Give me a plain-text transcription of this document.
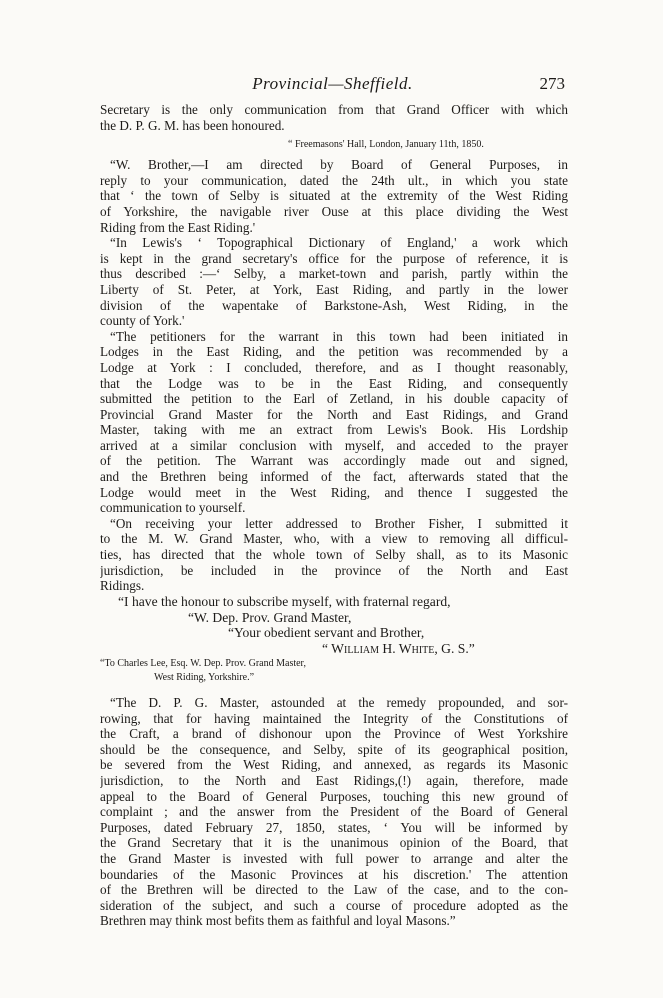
Provincial—Sheffield.	273
Secretary is the only communication from that Grand Officer with which
the D. P. G. M. has been honoured.
“ Freemasons' Hall, London, January 11th, 1850.
“W. Brother,—I am directed by Board of General Purposes, in
reply to your communication, dated the 24th ult., in which you state
that ‘ the town of Selby is situated at the extremity of the West Riding
of Yorkshire, the navigable river Ouse at this place dividing the West
Riding from the East Riding.'
“In Lewis's ‘ Topographical Dictionary of England,' a work which
is kept in the grand secretary's office for the purpose of reference, it is
thus described :—‘ Selby, a market-town and parish, partly within the
Liberty of St. Peter, at York, East Riding, and partly in the lower
division of the wapentake of Barkstone-Ash, West Riding, in the
county of York.'
“The petitioners for the warrant in this town had been initiated in
Lodges in the East Riding, and the petition was recommended by a
Lodge at York : I concluded, therefore, and as I thought reasonably,
that the Lodge was to be in the East Riding, and consequently
submitted the petition to the Earl of Zetland, in his double capacity of
Provincial Grand Master for the North and East Ridings, and Grand
Master, taking with me an extract from Lewis's Book. His Lordship
arrived at a similar conclusion with myself, and acceded to the prayer
of the petition. The Warrant was accordingly made out and signed,
and the Brethren being informed of the fact, afterwards stated that the
Lodge would meet in the West Riding, and thence I suggested the
communication to yourself.
“On receiving your letter addressed to Brother Fisher, I submitted it
to the M. W. Grand Master, who, with a view to removing all difficul-
ties, has directed that the whole town of Selby shall, as to its Masonic
jurisdiction, be included in the province of the North and East
Ridings.
“I have the honour to subscribe myself, with fraternal regard,
“W. Dep. Prov. Grand Master,
“Your obedient servant and Brother,
“ William H. White, G. S.”
“To Charles Lee, Esq. W. Dep. Prov. Grand Master,
West Riding, Yorkshire.”
“The D. P. G. Master, astounded at the remedy propounded, and sor-
rowing, that for having maintained the Integrity of the Constitutions of
the Craft, a brand of dishonour upon the Province of West Yorkshire
should be the consequence, and Selby, spite of its geographical position,
be severed from the West Riding, and annexed, as regards its Masonic
jurisdiction, to the North and East Ridings,(!) again, therefore, made
appeal to the Board of General Purposes, touching this new ground of
complaint ; and the answer from the President of the Board of General
Purposes, dated February 27, 1850, states, ‘ You will be informed by
the Grand Secretary that it is the unanimous opinion of the Board, that
the Grand Master is invested with full power to arrange and alter the
boundaries of the Masonic Provinces at his discretion.' The attention
of the Brethren will be directed to the Law of the case, and to the con-
sideration of the subject, and such a course of procedure adopted as the
Brethren may think most befits them as faithful and loyal Masons.”
